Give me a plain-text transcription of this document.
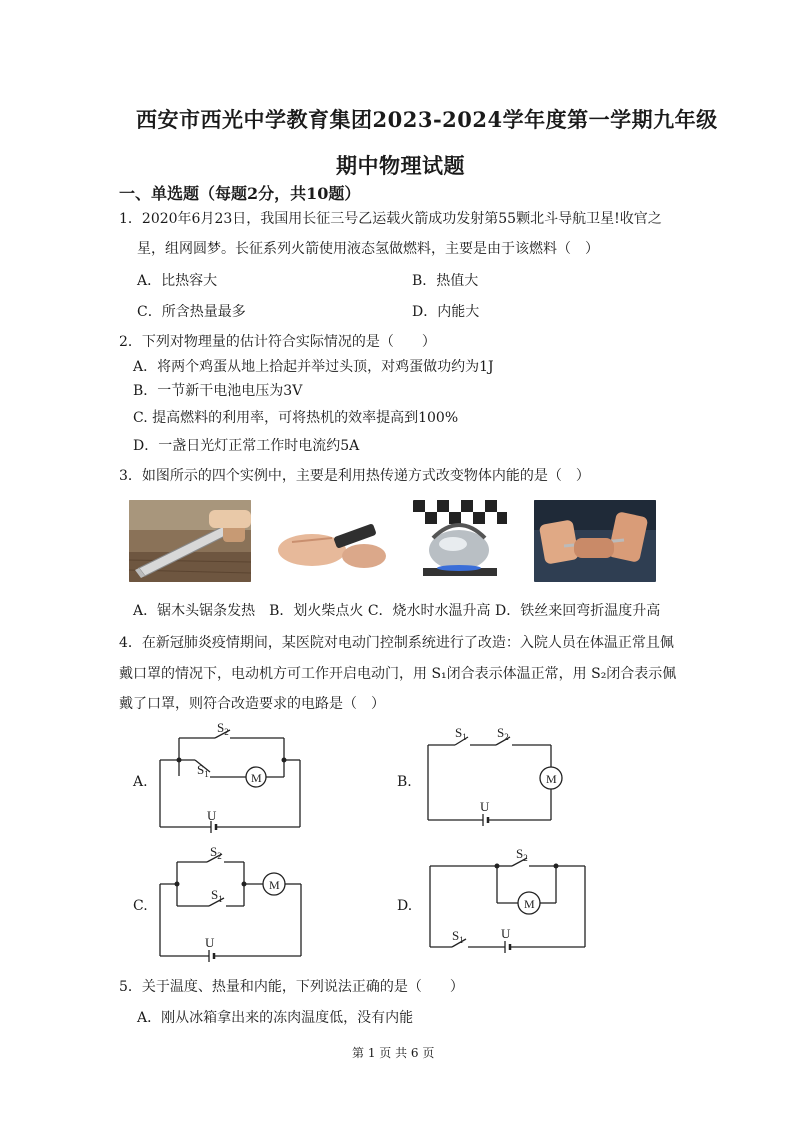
西安市西光中学教育集团2023-2024学年度第一学期九年级
期中物理试题
一、单选题（每题2分，共10题）
1．2020年6月23日，我国用长征三号乙运载火箭成功发射第55颗北斗导航卫星!收官之
星，组网圆梦。长征系列火箭使用液态氢做燃料，主要是由于该燃料（　）
A．比热容大	B．热值大
C．所含热量最多	D．内能大
2．下列对物理量的估计符合实际情况的是（　　）
A．将两个鸡蛋从地上拾起并举过头顶，对鸡蛋做功约为1J
B．一节新干电池电压为3V
C. 提高燃料的利用率，可将热机的效率提高到100%
D．一盏日光灯正常工作时电流约5A
3．如图所示的四个实例中，主要是利用热传递方式改变物体内能的是（　）
A．锯木头锯条发热　B．划火柴点火 C．烧水时水温升高 D．铁丝来回弯折温度升高
4．在新冠肺炎疫情期间，某医院对电动门控制系统进行了改造：入院人员在体温正常且佩
戴口罩的情况下，电动机方可工作开启电动门，用 S₁闭合表示体温正常，用 S₂闭合表示佩
戴了口罩，则符合改造要求的电路是（　）
$S_2$
$S_1$	M
U
$S_1$ $S_2$
M
U
$S_2$
$S_1$
M
U
$S_2$
M
$S_1$	U
A.	B.
C.	D.
5．关于温度、热量和内能，下列说法正确的是（　　）
A．刚从冰箱拿出来的冻肉温度低，没有内能
第 1 页 共 6 页
